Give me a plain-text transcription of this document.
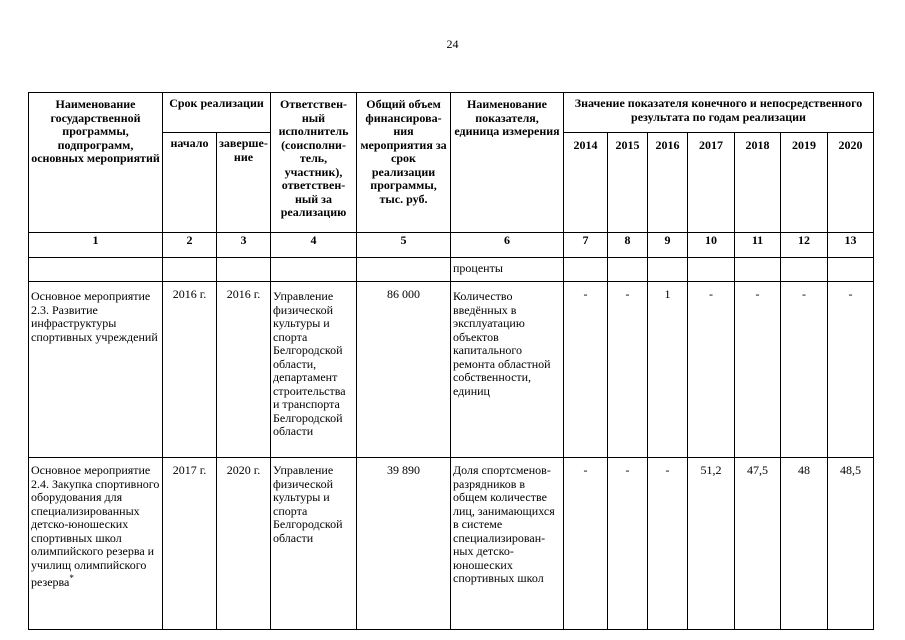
24
Наименование государственной программы, подпрограмм, основных мероприятий	Срок реализации		Ответствен-ный исполнитель (соисполни-тель, участник), ответствен-ный за реализацию	Общий объем финансирова-ния мероприятия за срок реализации программы, тыс. руб.	Наименование показателя, единица измерения	Значение показателя конечного и непосредственного результата по годам реализации						
	начало	заверше-ние				2014	2015	2016	2017	2018	2019	2020
1	2	3	4	5	6	7	8	9	10	11	12	13
					проценты							
Основное мероприятие 2.3. Развитие инфраструктуры спортивных учреждений	2016 г.	2016 г.	Управление физической культуры и спорта Белгородской области, департамент строительства и транспорта Белгородской области	86 000	Количество введённых в эксплуатацию объектов капитального ремонта областной собственности, единиц	-	-	1	-	-	-	-
Основное мероприятие 2.4. Закупка спортивного оборудования для специализированных детско-юношеских спортивных школ олимпийского резерва и училищ олимпийского резерва*	2017 г.	2020 г.	Управление физической культуры и спорта Белгородской области	39 890	Доля спортсменов-разрядников в общем количестве лиц, занимающихся в системе специализирован-ных детско-юношеских спортивных школ	-	-	-	51,2	47,5	48	48,5
